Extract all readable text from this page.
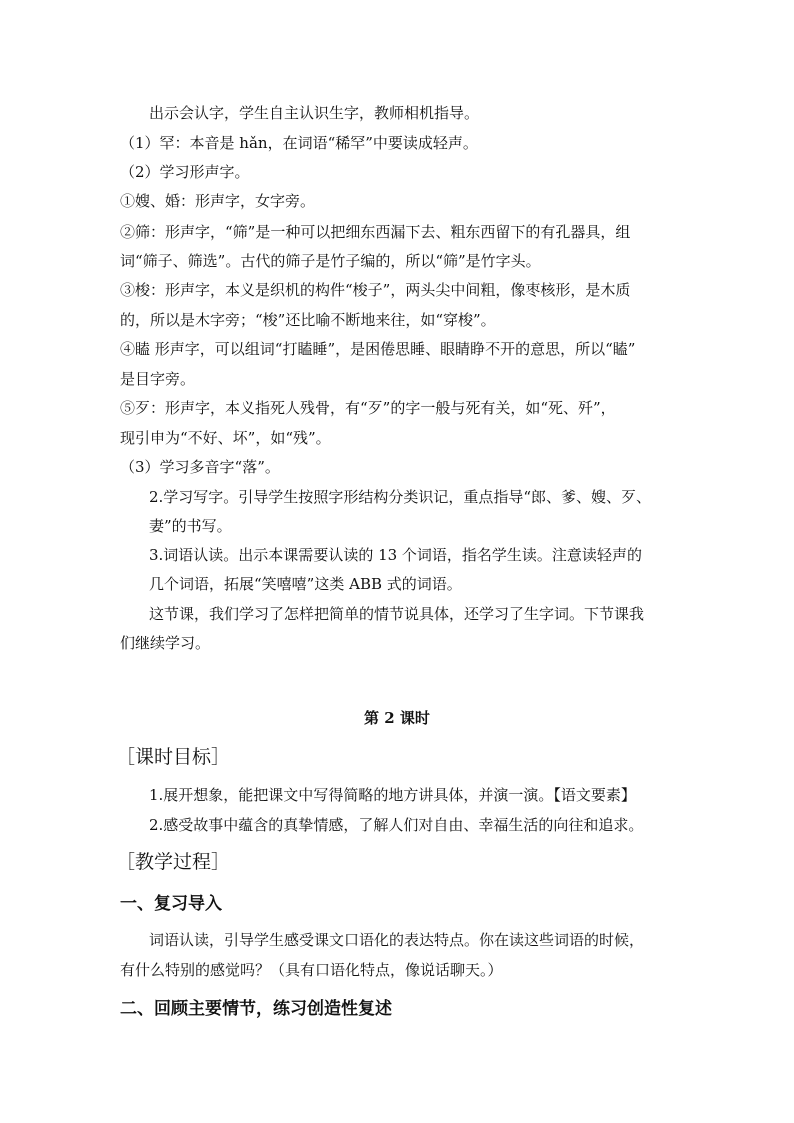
出示会认字，学生自主认识生字，教师相机指导。
（1）罕：本音是 hǎn，在词语“稀罕”中要读成轻声。
（2）学习形声字。
①嫂、婚：形声字，女字旁。
②筛：形声字，“筛”是一种可以把细东西漏下去、粗东西留下的有孔器具，组
词“筛子、筛选”。古代的筛子是竹子编的，所以“筛”是竹字头。
③梭：形声字，本义是织机的构件“梭子”，两头尖中间粗，像枣核形，是木质
的，所以是木字旁；“梭”还比喻不断地来往，如“穿梭”。
④瞌 形声字，可以组词“打瞌睡”，是困倦思睡、眼睛睁不开的意思，所以“瞌”
是目字旁。
⑤歹：形声字，本义指死人残骨，有“歹”的字一般与死有关，如“死、歼”，
现引申为“不好、坏”，如“残”。
（3）学习多音字“落”。
2.学习写字。引导学生按照字形结构分类识记，重点指导“郎、爹、嫂、歹、
妻”的书写。
3.词语认读。出示本课需要认读的 13 个词语，指名学生读。注意读轻声的
几个词语，拓展“笑嘻嘻”这类 ABB 式的词语。
这节课，我们学习了怎样把简单的情节说具体，还学习了生字词。下节课我
们继续学习。
第 2 课时
［课时目标］
1.展开想象，能把课文中写得简略的地方讲具体，并演一演。【语文要素】
2.感受故事中蕴含的真挚情感，了解人们对自由、幸福生活的向往和追求。
［教学过程］
一、复习导入
词语认读，引导学生感受课文口语化的表达特点。你在读这些词语的时候，
有什么特别的感觉吗？（具有口语化特点，像说话聊天。）
二、回顾主要情节，练习创造性复述
